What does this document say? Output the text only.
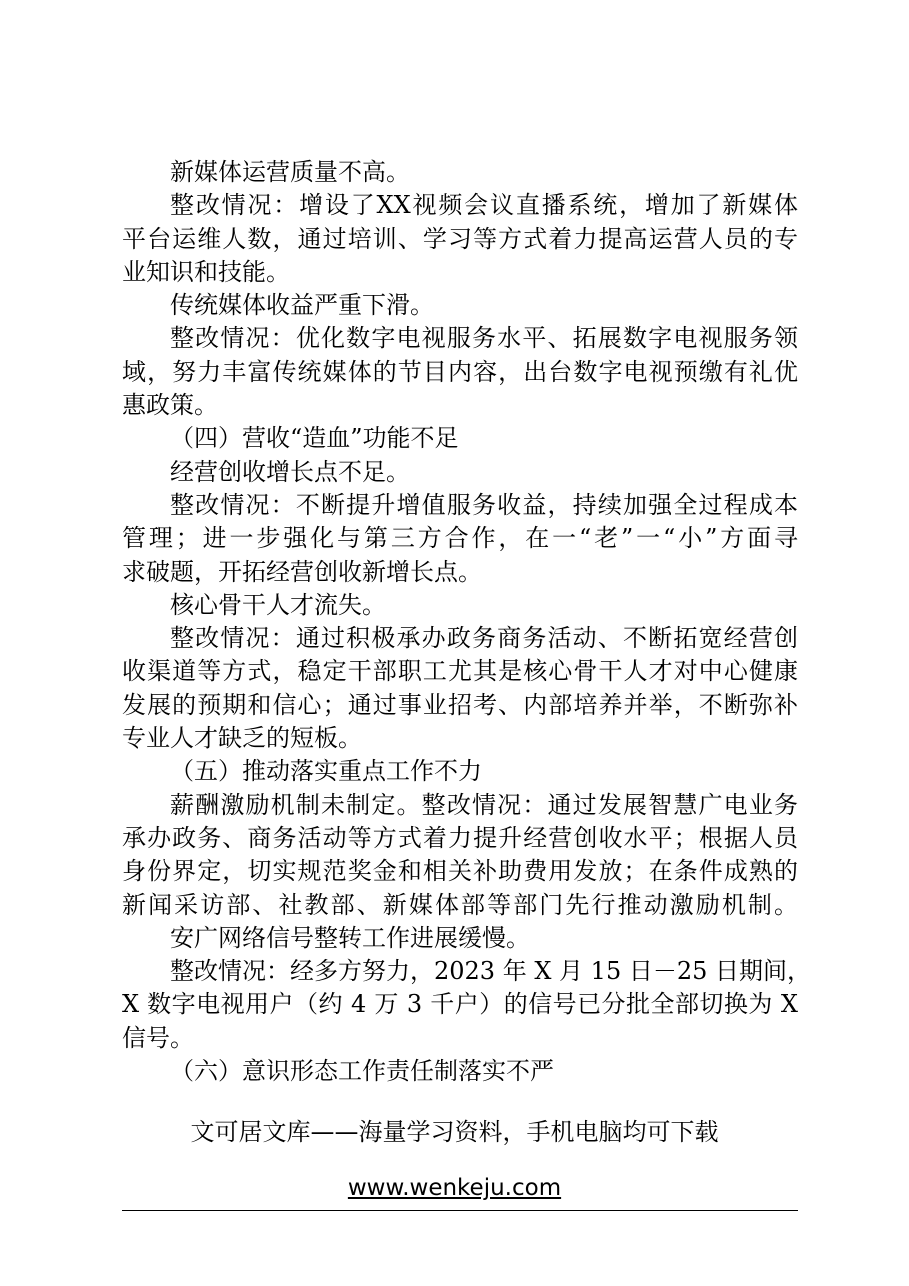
新媒体运营质量不高。
整改情况：增设了XX视频会议直播系统，增加了新媒体
平台运维人数，通过培训、学习等方式着力提高运营人员的专
业知识和技能。
传统媒体收益严重下滑。
整改情况：优化数字电视服务水平、拓展数字电视服务领
域，努力丰富传统媒体的节目内容，出台数字电视预缴有礼优
惠政策。
（四）营收“造血”功能不足
经营创收增长点不足。
整改情况：不断提升增值服务收益，持续加强全过程成本
管理；进一步强化与第三方合作，在一“老”一“小”方面寻
求破题，开拓经营创收新增长点。
核心骨干人才流失。
整改情况：通过积极承办政务商务活动、不断拓宽经营创
收渠道等方式，稳定干部职工尤其是核心骨干人才对中心健康
发展的预期和信心；通过事业招考、内部培养并举，不断弥补
专业人才缺乏的短板。
（五）推动落实重点工作不力
薪酬激励机制未制定。整改情况：通过发展智慧广电业务
承办政务、商务活动等方式着力提升经营创收水平；根据人员
身份界定，切实规范奖金和相关补助费用发放；在条件成熟的
新闻采访部、社教部、新媒体部等部门先行推动激励机制。
安广网络信号整转工作进展缓慢。
整改情况：经多方努力，2023 年 X 月 15 日－25 日期间，
X 数字电视用户（约 4 万 3 千户）的信号已分批全部切换为 X
信号。
（六）意识形态工作责任制落实不严
文可居文库——海量学习资料，手机电脑均可下载
www.wenkeju.com
